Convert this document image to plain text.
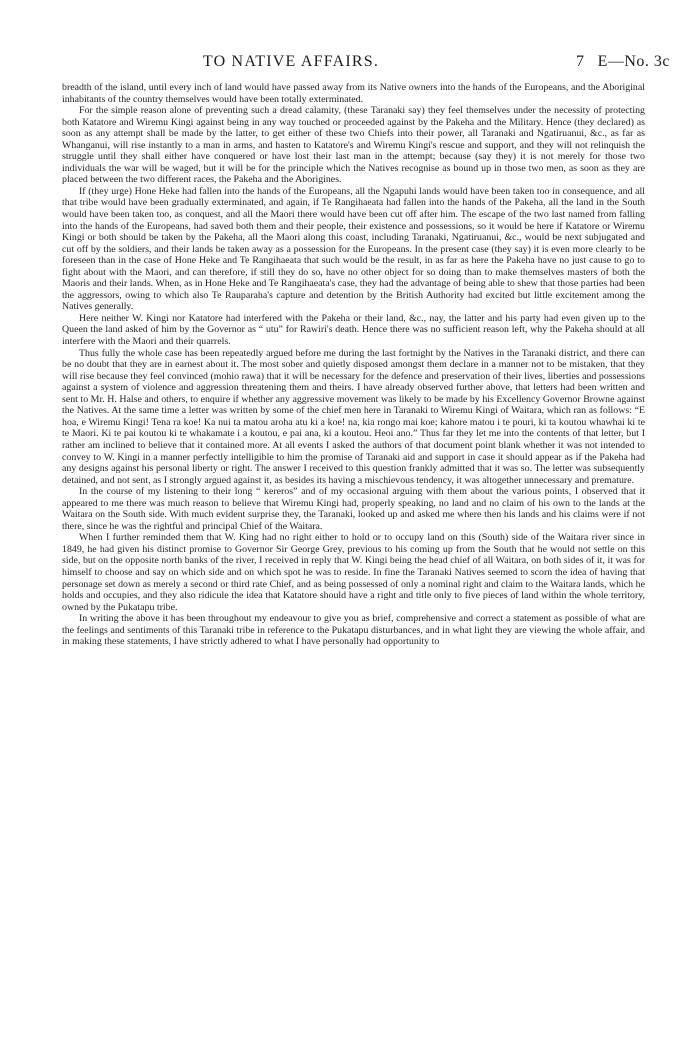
TO NATIVE AFFAIRS.	7 E—No. 3c

breadth of the island, until every inch of land would have passed away from its Native owners into the hands of the Europeans, and the Aboriginal inhabitants of the country themselves would have been totally exterminated.

For the simple reason alone of preventing such a dread calamity, (these Taranaki say) they feel themselves under the necessity of protecting both Katatore and Wiremu Kingi against being in any way touched or proceeded against by the Pakeha and the Military. Hence (they declared) as soon as any attempt shall be made by the latter, to get either of these two Chiefs into their power, all Taranaki and Ngatiruanui, &c., as far as Whanganui, will rise instantly to a man in arms, and hasten to Katatore's and Wiremu Kingi's rescue and support, and they will not relinquish the struggle until they shall either have conquered or have lost their last man in the attempt; because (say they) it is not merely for those two individuals the war will be waged, but it will be for the principle which the Natives recognise as bound up in those two men, as soon as they are placed between the two different races, the Pakeha and the Aborigines.

If (they urge) Hone Heke had fallen into the hands of the Europeans, all the Ngapuhi lands would have been taken too in consequence, and all that tribe would have been gradually exterminated, and again, if Te Rangihaeata had fallen into the hands of the Pakeha, all the land in the South would have been taken too, as conquest, and all the Maori there would have been cut off after him. The escape of the two last named from falling into the hands of the Europeans, had saved both them and their people, their existence and possessions, so it would be here if Katatore or Wiremu Kingi or both should be taken by the Pakeha, all the Maori along this coast, including Taranaki, Ngatiruanui, &c., would be next subjugated and cut off by the soldiers, and their lands be taken away as a possession for the Europeans. In the present case (they say) it is even more clearly to be foreseen than in the case of Hone Heke and Te Rangihaeata that such would be the result, in as far as here the Pakeha have no just cause to go to fight about with the Maori, and can therefore, if still they do so, have no other object for so doing than to make themselves masters of both the Maoris and their lands. When, as in Hone Heke and Te Rangihaeata's case, they had the advantage of being able to shew that those parties had been the aggressors, owing to which also Te Rauparaha's capture and detention by the British Authority had excited but little excitement among the Natives generally.

Here neither W. Kingi nor Katatore had interfered with the Pakeha or their land, &c., nay, the latter and his party had even given up to the Queen the land asked of him by the Governor as “ utu” for Rawiri's death. Hence there was no sufficient reason left, why the Pakeha should at all interfere with the Maori and their quarrels.

Thus fully the whole case has been repeatedly argued before me during the last fortnight by the Natives in the Taranaki district, and there can be no doubt that they are in earnest about it. The most sober and quietly disposed amongst them declare in a manner not to be mistaken, that they will rise because they feel convinced (mohio rawa) that it will be necessary for the defence and preservation of their lives, liberties and possessions against a system of violence and aggression threatening them and theirs. I have already observed further above, that letters had been written and sent to Mr. H. Halse and others, to enquire if whether any aggressive movement was likely to be made by his Excellency Governor Browne against the Natives. At the same time a letter was written by some of the chief men here in Taranaki to Wiremu Kingi of Waitara, which ran as follows: “E hoa, e Wiremu Kingi! Tena ra koe! Ka nui ta matou aroha atu ki a koe! na, kia rongo mai koe; kahore matou i te pouri, ki ta koutou whawhai ki te te Maori. Ki te pai koutou ki te whakamate i a koutou, e pai ana, ki a koutou. Heoi ano.” Thus far they let me into the contents of that letter, but I rather am inclined to believe that it contained more. At all events I asked the authors of that document point blank whether it was not intended to convey to W. Kingi in a manner perfectly intelligible to him the promise of Taranaki aid and support in case it should appear as if the Pakeha had any designs against his personal liberty or right. The answer I received to this question frankly admitted that it was so. The letter was subsequently detained, and not sent, as I strongly argued against it, as besides its having a mischievous tendency, it was altogether unnecessary and premature.

In the course of my listening to their long “ kereros” and of my occasional arguing with them about the various points, I observed that it appeared to me there was much reason to believe that Wiremu Kingi had, properly speaking, no land and no claim of his own to the lands at the Waitara on the South side. With much evident surprise they, the Taranaki, looked up and asked me where then his lands and his claims were if not there, since he was the rightful and principal Chief of the Waitara.

When I further reminded them that W. King had no right either to hold or to occupy land on this (South) side of the Waitara river since in 1849, he had given his distinct promise to Governor Sir George Grey, previous to his coming up from the South that he would not settle on this side, but on the opposite north banks of the river, I received in reply that W. Kingi being the head chief of all Waitara, on both sides of it, it was for himself to choose and say on which side and on which spot he was to reside. In fine the Taranaki Natives seemed to scorn the idea of having that personage set down as merely a second or third rate Chief, and as being possessed of only a nominal right and claim to the Waitara lands, which he holds and occupies, and they also ridicule the idea that Katatore should have a right and title only to five pieces of land within the whole territory, owned by the Pukatapu tribe.

In writing the above it has been throughout my endeavour to give you as brief, comprehensive and correct a statement as possible of what are the feelings and sentiments of this Taranaki tribe in reference to the Pukatapu disturbances, and in what light they are viewing the whole affair, and in making these statements, I have strictly adhered to what I have personally had opportunity to
